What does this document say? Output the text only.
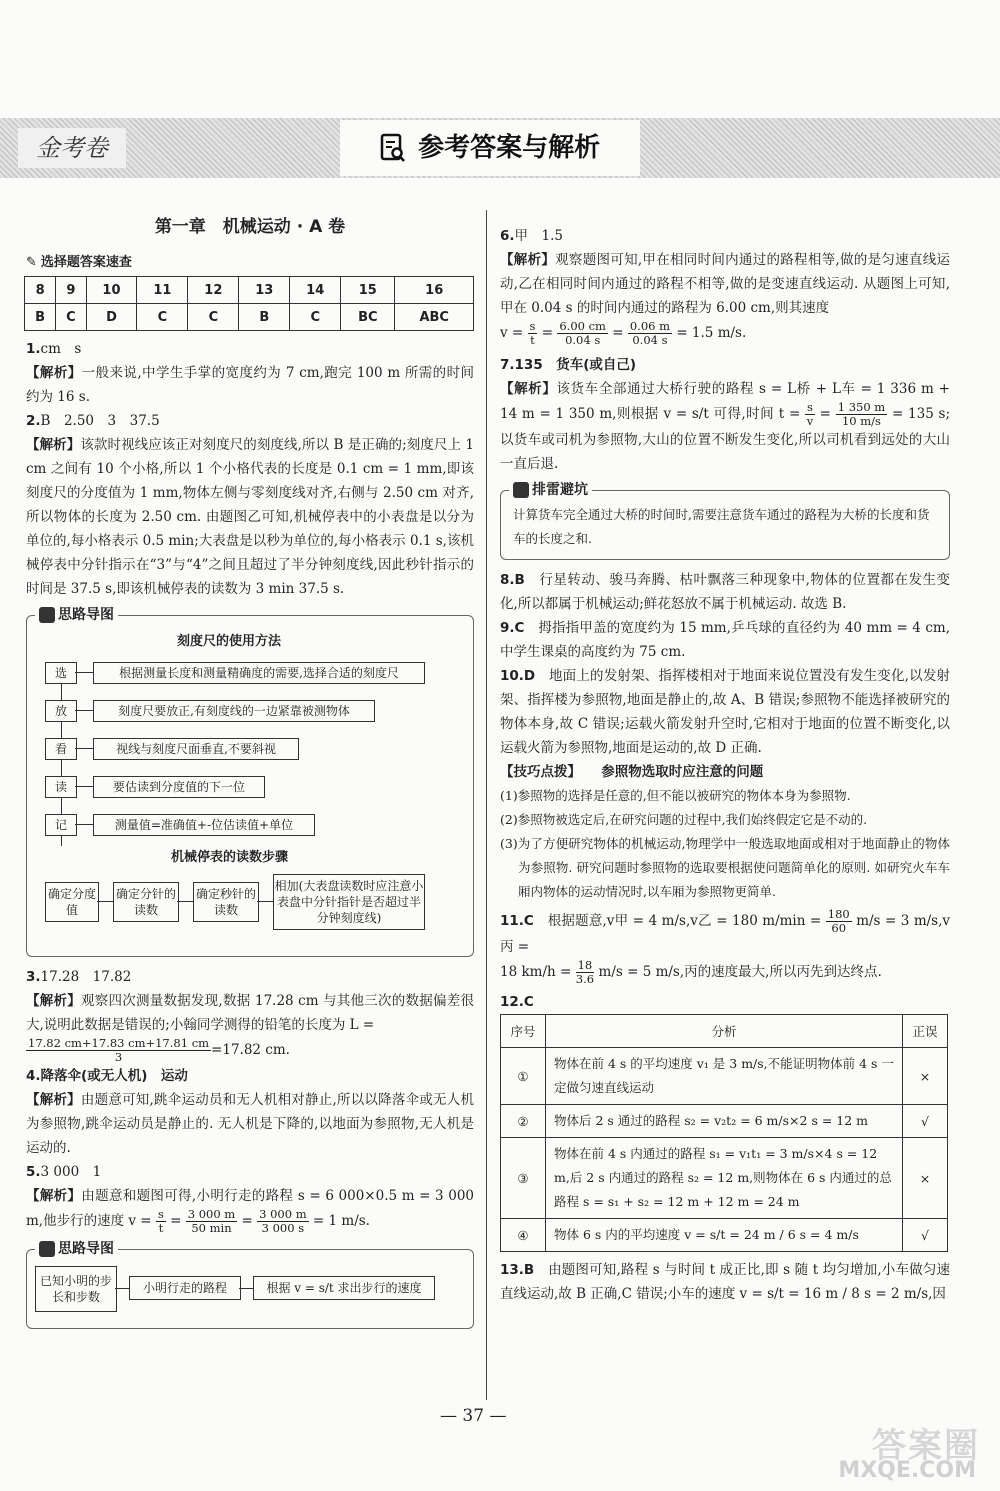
金考卷	参考答案与解析
第一章　机械运动 · A 卷
✎ 选择题答案速查
8	9	10	11	12	13	14	15	16
B	C	D	C	C	B	C	BC	ABC

1.cm　s

【解析】一般来说,中学生手掌的宽度约为 7 cm,跑完 100 m 所需的时间约为 16 s.

2.B　2.50　3　37.5

【解析】该款时视线应该正对刻度尺的刻度线,所以 B 是正确的;刻度尺上 1 cm 之间有 10 个小格,所以 1 个小格代表的长度是 0.1 cm = 1 mm,即该刻度尺的分度值为 1 mm,物体左侧与零刻度线对齐,右侧与 2.50 cm 对齐,所以物体的长度为 2.50 cm. 由题图乙可知,机械停表中的小表盘是以分为单位的,每小格表示 0.5 min;大表盘是以秒为单位的,每小格表示 0.1 s,该机械停表中分针指示在“3”与“4”之间且超过了半分钟刻度线,因此秒针指示的时间是 37.5 s,即该机械停表的读数为 3 min 37.5 s.

思路导图
刻度尺的使用方法
选	根据测量长度和测量精确度的需要,选择合适的刻度尺
放	刻度尺要放正,有刻度线的一边紧靠被测物体
看	视线与刻度尺面垂直,不要斜视
读	要估读到分度值的下一位
记	测量值=准确值+-位估读值+单位
机械停表的读数步骤
确定分度值
确定分针的读数
确定秒针的读数
相加(大表盘读数时应注意小表盘中分针指针是否超过半分钟刻度线)

3.17.28　17.82

【解析】观察四次测量数据发现,数据 17.28 cm 与其他三次的数据偏差很大,说明此数据是错误的;小翰同学测得的铅笔的长度为 L =

$\frac{17.82 cm+17.83 cm+17.81 cm}{3} =17.82$ cm.

4.降落伞(或无人机)　运动

【解析】由题意可知,跳伞运动员和无人机相对静止,所以以降落伞或无人机为参照物,跳伞运动员是静止的. 无人机是下降的,以地面为参照物,无人机是运动的.

5.3 000　1

【解析】由题意和题图可得,小明行走的路程 s = 6 000×0.5 m = 3 000 m,他步行的速度 $v = \frac{s}{t} = \frac{3 000 m}{50 \min} = \frac{3 000 m}{3 000 s} = 1$ m/s.

思路导图
已知小明的步长和步数
小明行走的路程	根据 v = s/t 求出步行的速度

6.甲　1.5

【解析】观察题图可知,甲在相同时间内通过的路程相等,做的是匀速直线运动,乙在相同时间内通过的路程不相等,做的是变速直线运动. 从题图上可知,甲在 0.04 s 的时间内通过的路程为 6.00 cm,则其速度

$v = \frac{s}{t} = \frac{6.00 cm}{0.04 s} = \frac{0.06 m}{0.04 s} = 1.5$ m/s.

7.135　货车(或自己)

【解析】该货车全部通过大桥行驶的路程 s = L桥 + L车 = 1 336 m + 14 m = 1 350 m,则根据 v = s/t 可得,时间 $t = \frac{s}{v} = \frac{1 350 m}{10 m/s} = 135$ s;以货车或司机为参照物,大山的位置不断发生变化,所以司机看到远处的大山一直后退.

排雷避坑
计算货车完全通过大桥的时间时,需要注意货车通过的路程为大桥的长度和货车的长度之和.

8.B　 行星转动、骏马奔腾、枯叶飘落三种现象中,物体的位置都在发生变化,所以都属于机械运动;鲜花怒放不属于机械运动. 故选 B.

9.C　 拇指指甲盖的宽度约为 15 mm,乒乓球的直径约为 40 mm = 4 cm,中学生课桌的高度约为 75 cm.

10.D　 地面上的发射架、指挥楼相对于地面来说位置没有发生变化,以发射架、指挥楼为参照物,地面是静止的,故 A、B 错误;参照物不能选择被研究的物体本身,故 C 错误;运载火箭发射升空时,它相对于地面的位置不断变化,以运载火箭为参照物,地面是运动的,故 D 正确.

【技巧点拨】　　 参照物选取时应注意的问题

(1)参照物的选择是任意的,但不能以被研究的物体本身为参照物.

(2)参照物被选定后,在研究问题的过程中,我们始终假定它是不动的.

(3)为了方便研究物体的机械运动,物理学中一般选取地面或相对于地面静止的物体为参照物. 研究问题时参照物的选取要根据使问题简单化的原则. 如研究火车车厢内物体的运动情况时,以车厢为参照物更简单.

11.C　 根据题意,v甲 = 4 m/s,v乙 = 180 $m/\min = \frac{180}{60} m/s = 3$ m/s,v丙 =

18 $km/h = \frac{18}{3.6} m/s = 5$ m/s,丙的速度最大,所以丙先到达终点.

12.C

序号	分析	正误
①	物体在前 4 s 的平均速度 v₁ 是 3 m/s,不能证明物体前 4 s 一定做匀速直线运动	×
②	物体后 2 s 通过的路程 s₂ = v₂t₂ = 6 m/s×2 s = 12 m	√
③	物体在前 4 s 内通过的路程 s₁ = v₁t₁ = 3 m/s×4 s = 12 m,后 2 s 内通过的路程 s₂ = 12 m,则物体在 6 s 内通过的总路程 s = s₁ + s₂ = 12 m + 12 m = 24 m	×
④	物体 6 s 内的平均速度 v = s/t = 24 m / 6 s = 4 m/s	√

13.B　 由题图可知,路程 s 与时间 t 成正比,即 s 随 t 均匀增加,小车做匀速直线运动,故 B 正确,C 错误;小车的速度 v = s/t = 16 m / 8 s = 2 m/s,因

— 37 —
答案圈
MXQE.COM
